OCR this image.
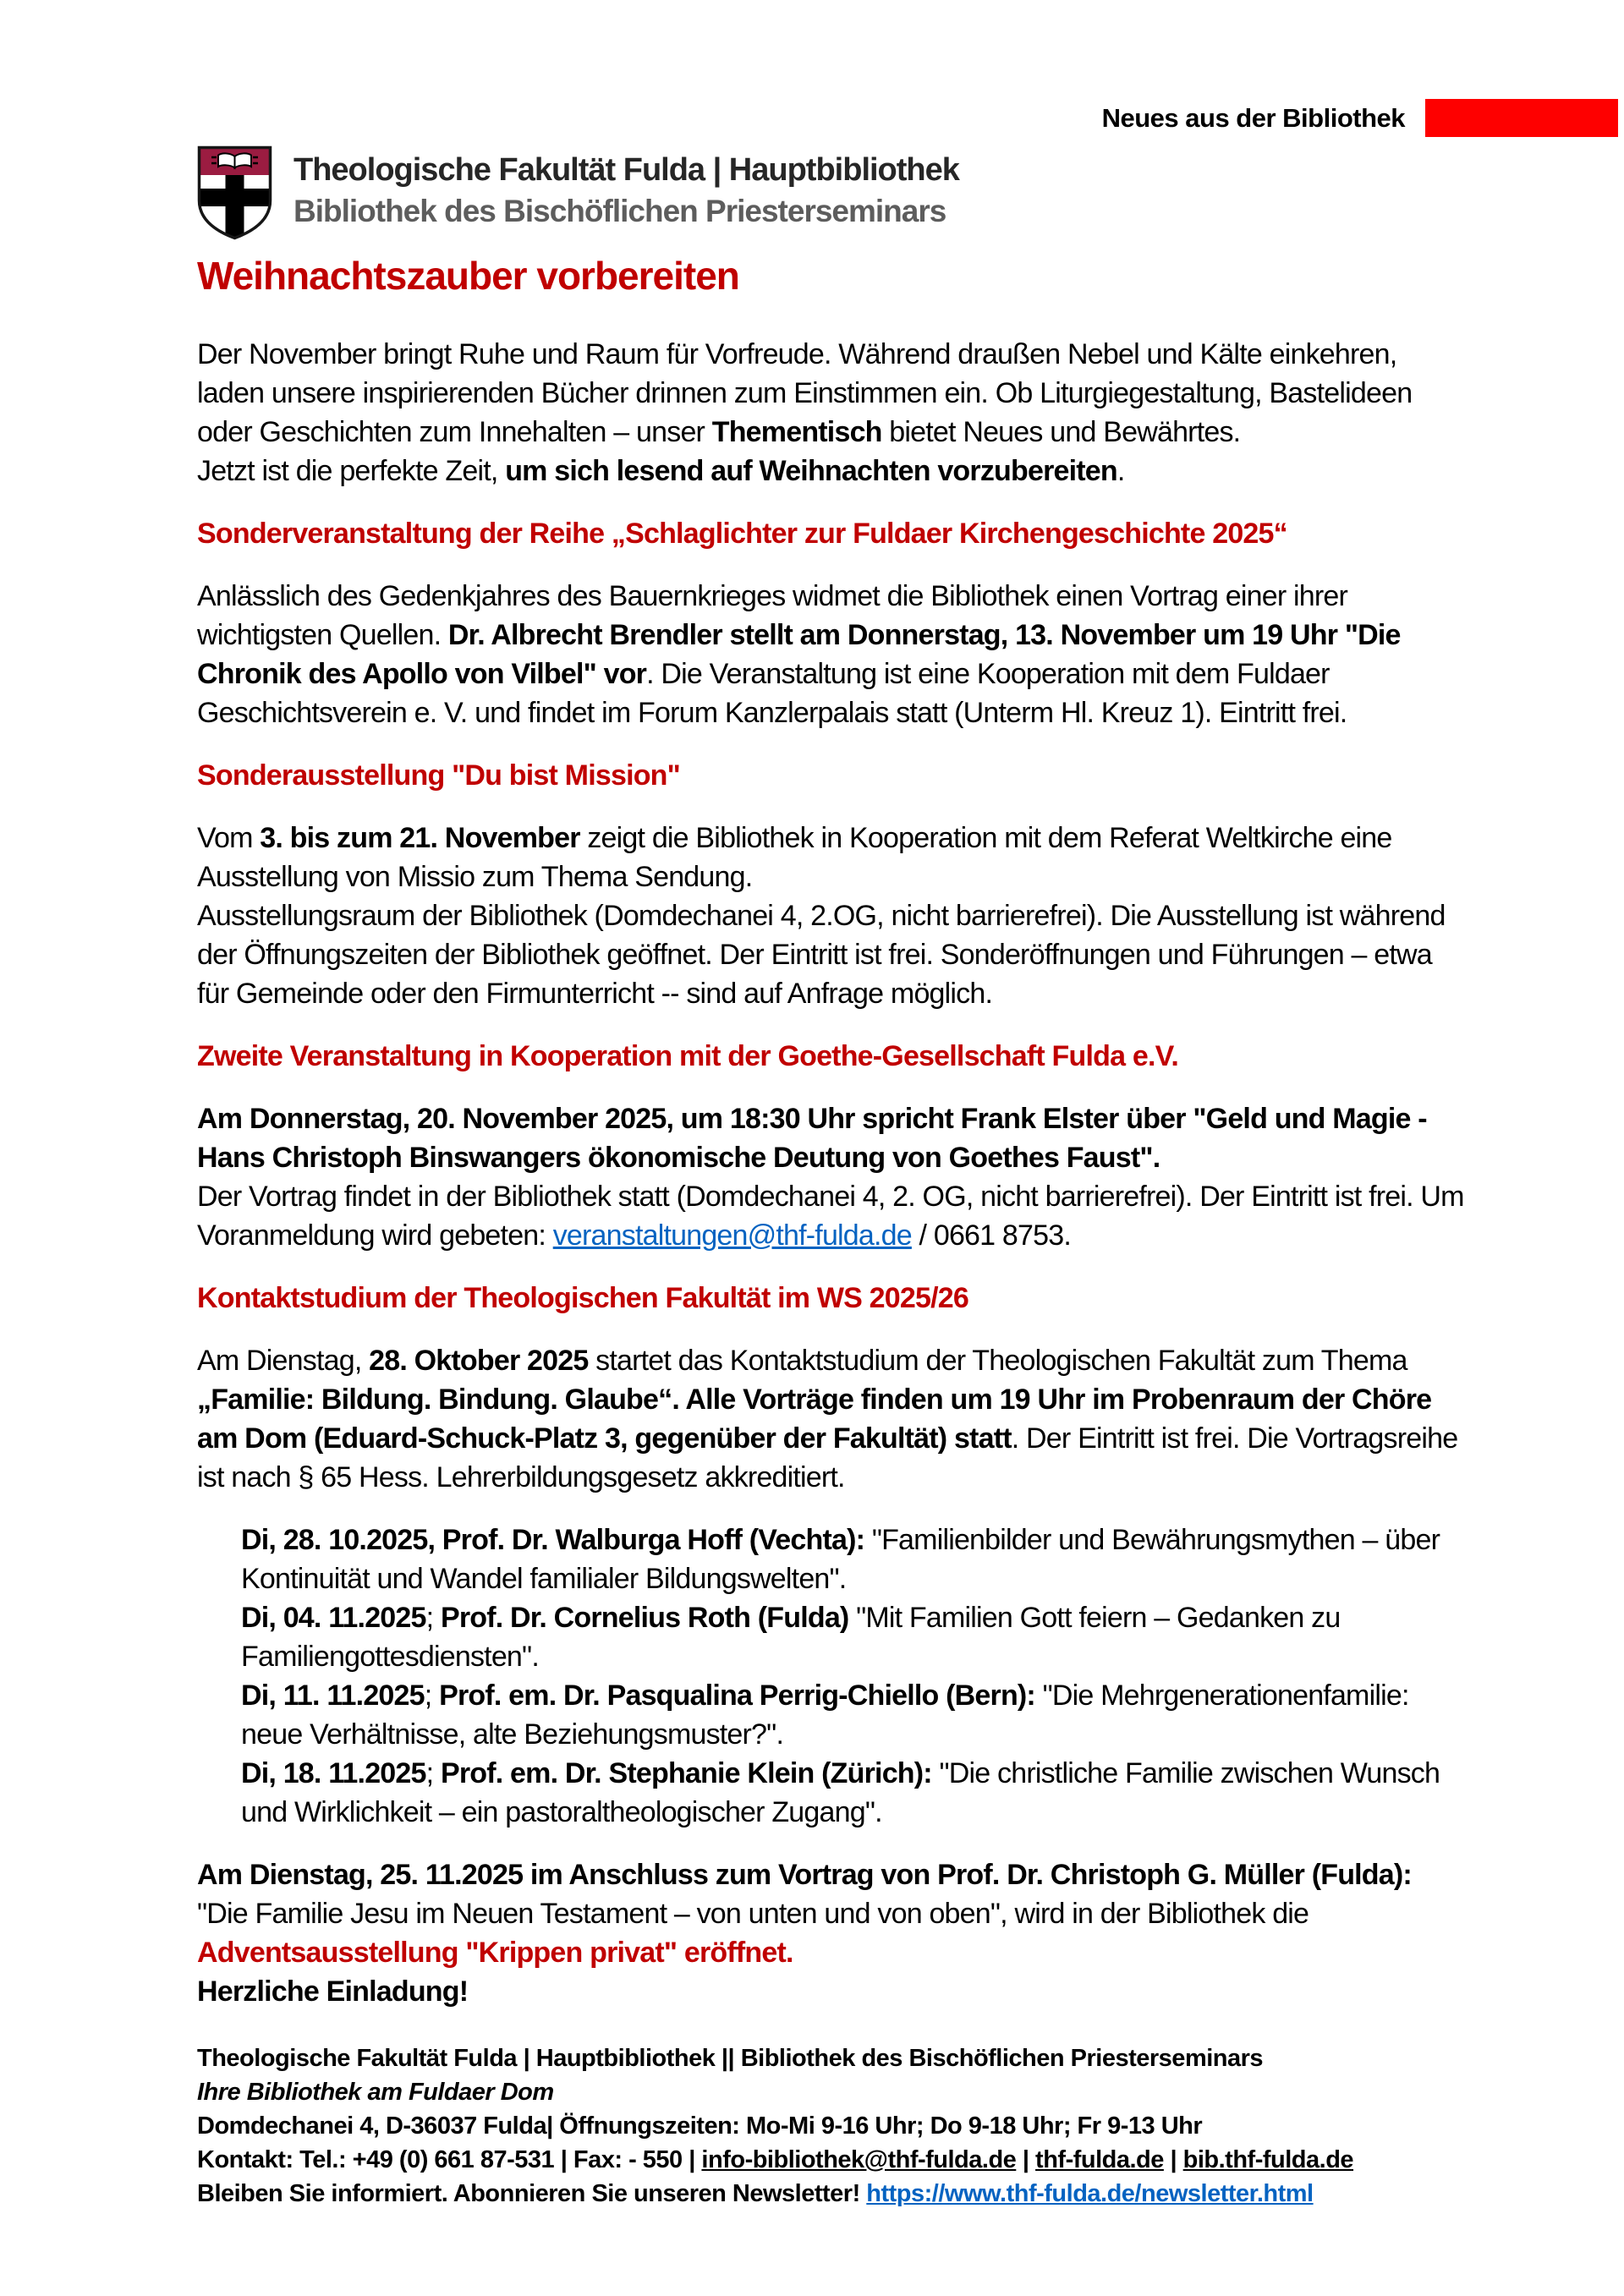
Neues aus der Bibliothek
Theologische Fakultät Fulda | Hauptbibliothek
Bibliothek des Bischöflichen Priesterseminars
Weihnachtszauber vorbereiten

Der November bringt Ruhe und Raum für Vorfreude. Während draußen Nebel und Kälte einkehren, laden unsere inspirierenden Bücher drinnen zum Einstimmen ein. Ob Liturgiegestaltung, Bastelideen oder Geschichten zum Innehalten – unser Thementisch bietet Neues und Bewährtes.
Jetzt ist die perfekte Zeit, um sich lesend auf Weihnachten vorzubereiten.

Sonderveranstaltung der Reihe „Schlaglichter zur Fuldaer Kirchengeschichte 2025“

Anlässlich des Gedenkjahres des Bauernkrieges widmet die Bibliothek einen Vortrag einer ihrer wichtigsten Quellen. Dr. Albrecht Brendler stellt am Donnerstag, 13. November um 19 Uhr "Die Chronik des Apollo von Vilbel" vor. Die Veranstaltung ist eine Kooperation mit dem Fuldaer Geschichtsverein e. V. und findet im Forum Kanzlerpalais statt (Unterm Hl. Kreuz 1). Eintritt frei.

Sonderausstellung "Du bist Mission"

Vom 3. bis zum 21. November zeigt die Bibliothek in Kooperation mit dem Referat Weltkirche eine Ausstellung von Missio zum Thema Sendung.
Ausstellungsraum der Bibliothek (Domdechanei 4, 2.OG, nicht barrierefrei). Die Ausstellung ist während der Öffnungszeiten der Bibliothek geöffnet. Der Eintritt ist frei. Sonderöffnungen und Führungen – etwa für Gemeinde oder den Firmunterricht -- sind auf Anfrage möglich.

Zweite Veranstaltung in Kooperation mit der Goethe-Gesellschaft Fulda e.V.

Am Donnerstag, 20. November 2025, um 18:30 Uhr spricht Frank Elster über "Geld und Magie - Hans Christoph Binswangers ökonomische Deutung von Goethes Faust".
Der Vortrag findet in der Bibliothek statt (Domdechanei 4, 2. OG, nicht barrierefrei). Der Eintritt ist frei. Um Voranmeldung wird gebeten: veranstaltungen@thf-fulda.de / 0661 8753.

Kontaktstudium der Theologischen Fakultät im WS 2025/26

Am Dienstag, 28. Oktober 2025 startet das Kontaktstudium der Theologischen Fakultät zum Thema „Familie: Bildung. Bindung. Glaube“. Alle Vorträge finden um 19 Uhr im Probenraum der Chöre am Dom (Eduard-Schuck-Platz 3, gegenüber der Fakultät) statt. Der Eintritt ist frei. Die Vortragsreihe ist nach § 65 Hess. Lehrerbildungsgesetz akkreditiert.

Di, 28. 10.2025, Prof. Dr. Walburga Hoff (Vechta): "Familienbilder und Bewährungsmythen – über Kontinuität und Wandel familialer Bildungswelten".
Di, 04. 11.2025; Prof. Dr. Cornelius Roth (Fulda) "Mit Familien Gott feiern – Gedanken zu Familiengottesdiensten".
Di, 11. 11.2025; Prof. em. Dr. Pasqualina Perrig-Chiello (Bern): "Die Mehrgenerationenfamilie: neue Verhältnisse, alte Beziehungsmuster?".
Di, 18. 11.2025; Prof. em. Dr. Stephanie Klein (Zürich): "Die christliche Familie zwischen Wunsch und Wirklichkeit – ein pastoraltheologischer Zugang".

Am Dienstag, 25. 11.2025 im Anschluss zum Vortrag von Prof. Dr. Christoph G. Müller (Fulda): "Die Familie Jesu im Neuen Testament – von unten und von oben", wird in der Bibliothek die
Adventsausstellung "Krippen privat" eröffnet.
Herzliche Einladung!

Theologische Fakultät Fulda | Hauptbibliothek || Bibliothek des Bischöflichen Priesterseminars
Ihre Bibliothek am Fuldaer Dom
Domdechanei 4, D-36037 Fulda| Öffnungszeiten: Mo-Mi 9-16 Uhr; Do 9-18 Uhr; Fr 9-13 Uhr
Kontakt: Tel.: +49 (0) 661 87-531 | Fax: - 550 | info-bibliothek@thf-fulda.de | thf-fulda.de | bib.thf-fulda.de
Bleiben Sie informiert. Abonnieren Sie unseren Newsletter! https://www.thf-fulda.de/newsletter.html
